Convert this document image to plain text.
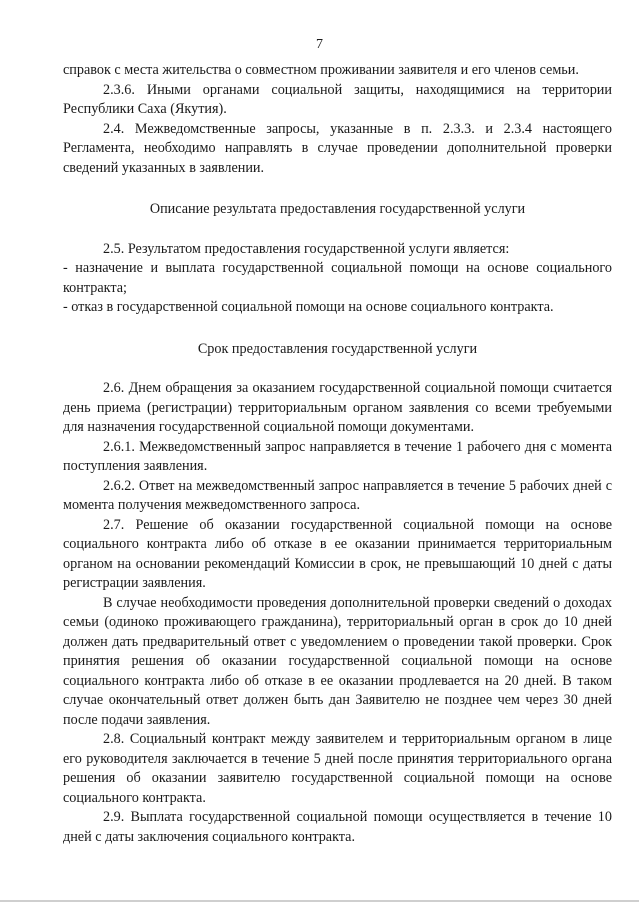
7

справок с места жительства о совместном проживании заявителя и его членов семьи.

2.3.6. Иными органами социальной защиты, находящимися на территории Республики Саха (Якутия).

2.4. Межведомственные запросы, указанные в п. 2.3.3. и 2.3.4 настоящего Регламента, необходимо направлять в случае проведении дополнительной проверки сведений указанных в заявлении.

Описание результата предоставления государственной услуги

2.5. Результатом предоставления государственной услуги является:

- назначение и выплата государственной социальной помощи на основе социального контракта;

- отказ в государственной социальной помощи на основе социального контракта.

Срок предоставления государственной услуги

2.6. Днем обращения за оказанием государственной социальной помощи считается день приема (регистрации) территориальным органом заявления со всеми требуемыми для назначения государственной социальной помощи документами.

2.6.1. Межведомственный запрос направляется в течение 1 рабочего дня с момента поступления заявления.

2.6.2. Ответ на межведомственный запрос направляется в течение 5 рабочих дней с момента получения межведомственного запроса.

2.7. Решение об оказании государственной социальной помощи на основе социального контракта либо об отказе в ее оказании принимается территориальным органом на основании рекомендаций Комиссии в срок, не превышающий 10 дней с даты регистрации заявления.

В случае необходимости проведения дополнительной проверки сведений о доходах семьи (одиноко проживающего гражданина), территориальный орган в срок до 10 дней должен дать предварительный ответ с уведомлением о проведении такой проверки. Срок принятия решения об оказании государственной социальной помощи на основе социального контракта либо об отказе в ее оказании продлевается на 20 дней. В таком случае окончательный ответ должен быть дан Заявителю не позднее чем через 30 дней после подачи заявления.

2.8. Социальный контракт между заявителем и территориальным органом в лице его руководителя заключается в течение 5 дней после принятия территориального органа решения об оказании заявителю государственной социальной помощи на основе социального контракта.

2.9. Выплата государственной социальной помощи осуществляется в течение 10 дней с даты заключения социального контракта.
